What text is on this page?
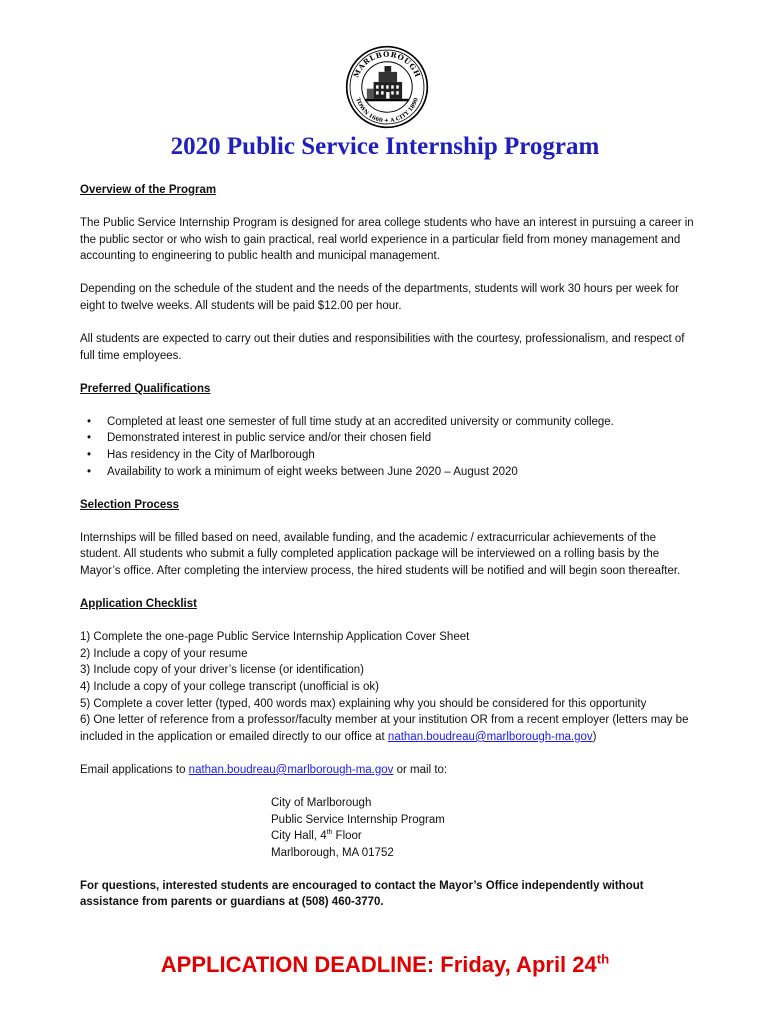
MARLBOROUGH
TOWN 1660 ✦ A CITY 1890
2020 Public Service Internship Program
Overview of the Program

The Public Service Internship Program is designed for area college students who have an interest in pursuing a career in the public sector or who wish to gain practical, real world experience in a particular field from money management and accounting to engineering to public health and municipal management.

Depending on the schedule of the student and the needs of the departments, students will work 30 hours per week for eight to twelve weeks. All students will be paid $12.00 per hour.

All students are expected to carry out their duties and responsibilities with the courtesy, professionalism, and respect of full time employees.

Preferred Qualifications
• Completed at least one semester of full time study at an accredited university or community college.
• Demonstrated interest in public service and/or their chosen field
• Has residency in the City of Marlborough
• Availability to work a minimum of eight weeks between June 2020 – August 2020
Selection Process

Internships will be filled based on need, available funding, and the academic / extracurricular achievements of the student. All students who submit a fully completed application package will be interviewed on a rolling basis by the Mayor’s office. After completing the interview process, the hired students will be notified and will begin soon thereafter.

Application Checklist
1) Complete the one-page Public Service Internship Application Cover Sheet
2) Include a copy of your resume
3) Include copy of your driver’s license (or identification)
4) Include a copy of your college transcript (unofficial is ok)
5) Complete a cover letter (typed, 400 words max) explaining why you should be considered for this opportunity
6) One letter of reference from a professor/faculty member at your institution OR from a recent employer (letters may be included in the application or emailed directly to our office at nathan.boudreau@marlborough-ma.gov)

Email applications to nathan.boudreau@marlborough-ma.gov or mail to:

City of Marlborough
Public Service Internship Program
City Hall, 4th Floor
Marlborough, MA 01752

For questions, interested students are encouraged to contact the Mayor’s Office independently without assistance from parents or guardians at (508) 460-3770.

APPLICATION DEADLINE: Friday, April 24th
